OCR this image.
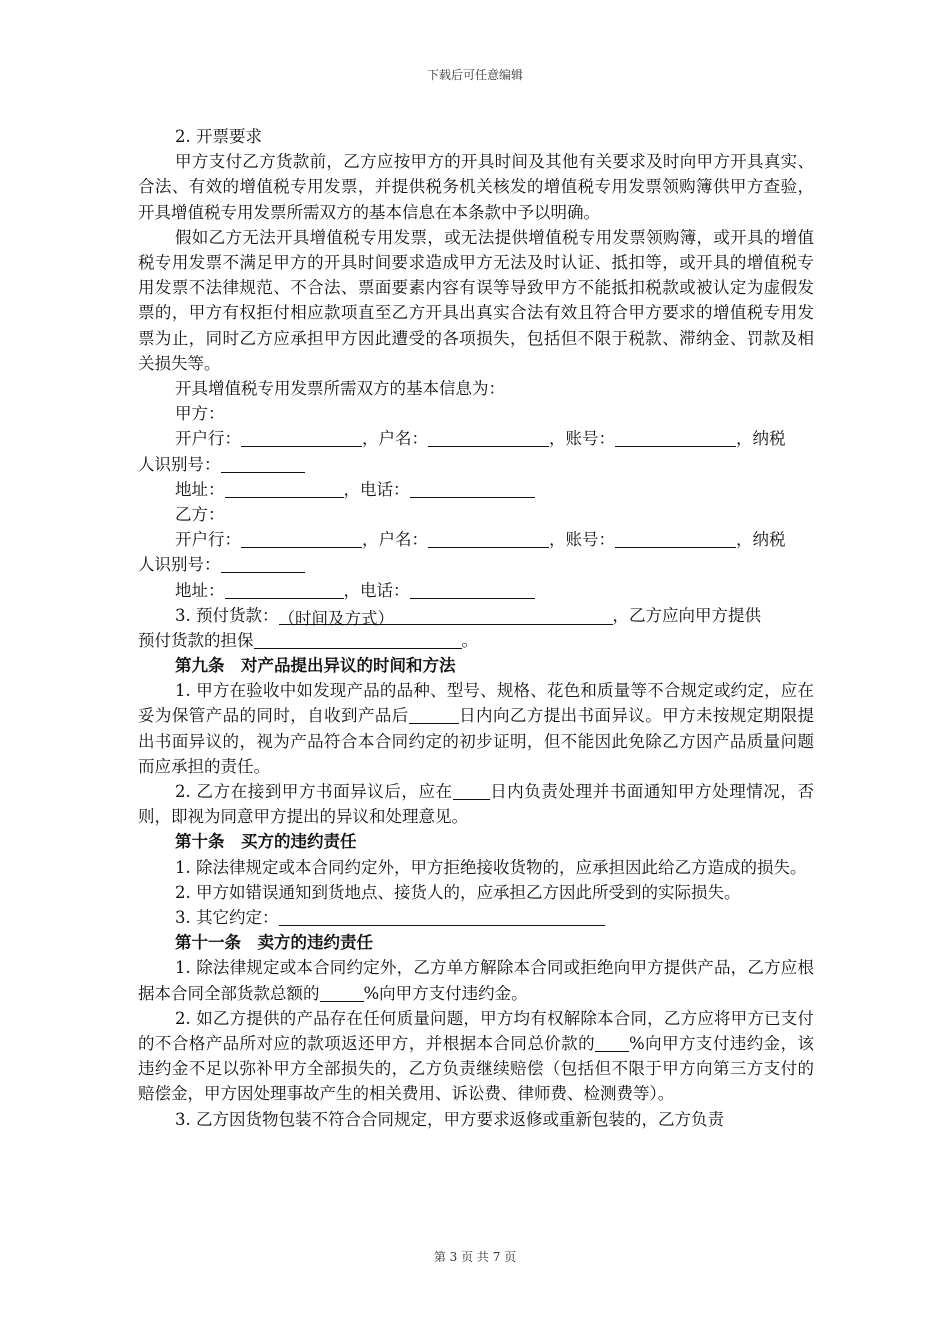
下载后可任意编辑
2. 开票要求
甲方支付乙方货款前，乙方应按甲方的开具时间及其他有关要求及时向甲方开具真实、合法、有效的增值税专用发票，并提供税务机关核发的增值税专用发票领购簿供甲方查验，开具增值税专用发票所需双方的基本信息在本条款中予以明确。
假如乙方无法开具增值税专用发票，或无法提供增值税专用发票领购簿，或开具的增值税专用发票不满足甲方的开具时间要求造成甲方无法及时认证、抵扣等，或开具的增值税专用发票不法律规范、不合法、票面要素内容有误等导致甲方不能抵扣税款或被认定为虚假发票的，甲方有权拒付相应款项直至乙方开具出真实合法有效且符合甲方要求的增值税专用发票为止，同时乙方应承担甲方因此遭受的各项损失，包括但不限于税款、滞纳金、罚款及相关损失等。
开具增值税专用发票所需双方的基本信息为：
甲方：
开户行：	，户名：	，账号：	，纳税
人识别号：
地址：	，电话：
乙方：
开户行：	，户名：	，账号：	，纳税
人识别号：
地址：	，电话：
3. 预付货款：（时间及方式）	，乙方应向甲方提供
预付货款的担保	。
第九条　对产品提出异议的时间和方法
1. 甲方在验收中如发现产品的品种、型号、规格、花色和质量等不合规定或约定，应在妥为保管产品的同时，自收到产品后	日内向乙方提出书面异议。甲方未按规定期限提出书面异议的，视为产品符合本合同约定的初步证明，但不能因此免除乙方因产品质量问题而应承担的责任。
2. 乙方在接到甲方书面异议后，应在 日内负责处理并书面通知甲方处理情况，否则，即视为同意甲方提出的异议和处理意见。
第十条　买方的违约责任
1. 除法律规定或本合同约定外，甲方拒绝接收货物的，应承担因此给乙方造成的损失。
2. 甲方如错误通知到货地点、接货人的，应承担乙方因此所受到的实际损失。
3. 其它约定：
第十一条　卖方的违约责任
1. 除法律规定或本合同约定外，乙方单方解除本合同或拒绝向甲方提供产品，乙方应根据本合同全部货款总额的	%向甲方支付违约金。
2. 如乙方提供的产品存在任何质量问题，甲方均有权解除本合同，乙方应将甲方已支付的不合格产品所对应的款项返还甲方，并根据本合同总价款的 %向甲方支付违约金，该违约金不足以弥补甲方全部损失的，乙方负责继续赔偿（包括但不限于甲方向第三方支付的赔偿金，甲方因处理事故产生的相关费用、诉讼费、律师费、检测费等）。
3. 乙方因货物包装不符合合同规定，甲方要求返修或重新包装的，乙方负责
第 3 页 共 7 页
